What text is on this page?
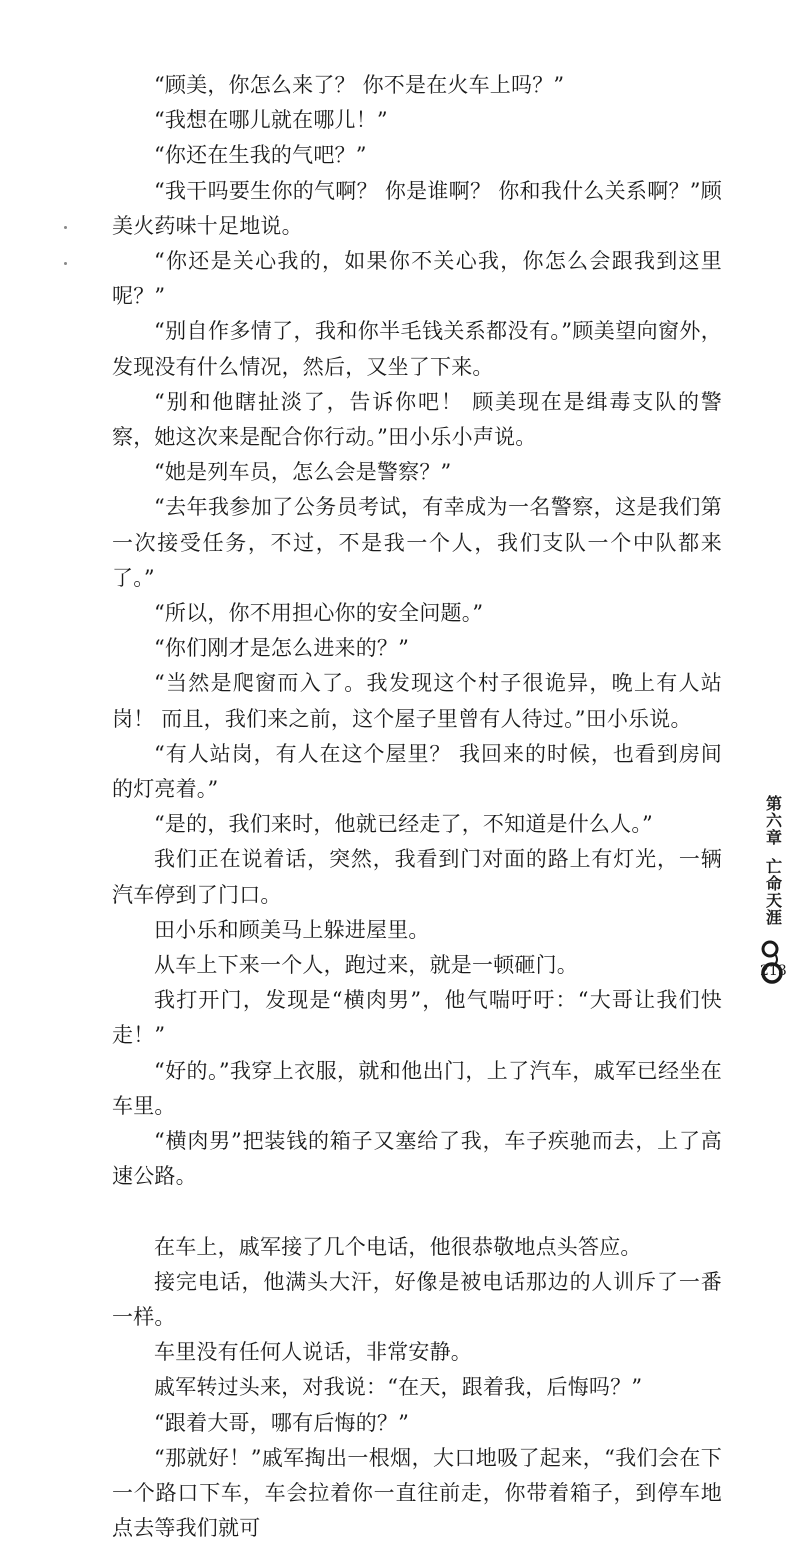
“顾美，你怎么来了？ 你不是在火车上吗？”

“我想在哪儿就在哪儿！”

“你还在生我的气吧？”

“我干吗要生你的气啊？ 你是谁啊？ 你和我什么关系啊？”顾美火药味十足地说。

“你还是关心我的，如果你不关心我，你怎么会跟我到这里呢？”

“别自作多情了，我和你半毛钱关系都没有。”顾美望向窗外，发现没有什么情况，然后，又坐了下来。

“别和他瞎扯淡了，告诉你吧！ 顾美现在是缉毒支队的警察，她这次来是配合你行动。”田小乐小声说。

“她是列车员，怎么会是警察？”

“去年我参加了公务员考试，有幸成为一名警察，这是我们第一次接受任务，不过，不是我一个人，我们支队一个中队都来了。”

“所以，你不用担心你的安全问题。”

“你们刚才是怎么进来的？”

“当然是爬窗而入了。我发现这个村子很诡异，晚上有人站岗！ 而且，我们来之前，这个屋子里曾有人待过。”田小乐说。

“有人站岗，有人在这个屋里？ 我回来的时候，也看到房间的灯亮着。”

“是的，我们来时，他就已经走了，不知道是什么人。”

我们正在说着话，突然，我看到门对面的路上有灯光，一辆汽车停到了门口。

田小乐和顾美马上躲进屋里。

从车上下来一个人，跑过来，就是一顿砸门。

我打开门，发现是“横肉男”，他气喘吁吁：“大哥让我们快走！”

“好的。”我穿上衣服，就和他出门，上了汽车，戚军已经坐在车里。

“横肉男”把装钱的箱子又塞给了我，车子疾驰而去，上了高速公路。

在车上，戚军接了几个电话，他很恭敬地点头答应。

接完电话，他满头大汗，好像是被电话那边的人训斥了一番一样。

车里没有任何人说话，非常安静。

戚军转过头来，对我说：“在天，跟着我，后悔吗？”

“跟着大哥，哪有后悔的？”

“那就好！”戚军掏出一根烟，大口地吸了起来，“我们会在下一个路口下车，车会拉着你一直往前走，你带着箱子，到停车地点去等我们就可

第六章

亡命天涯

213
